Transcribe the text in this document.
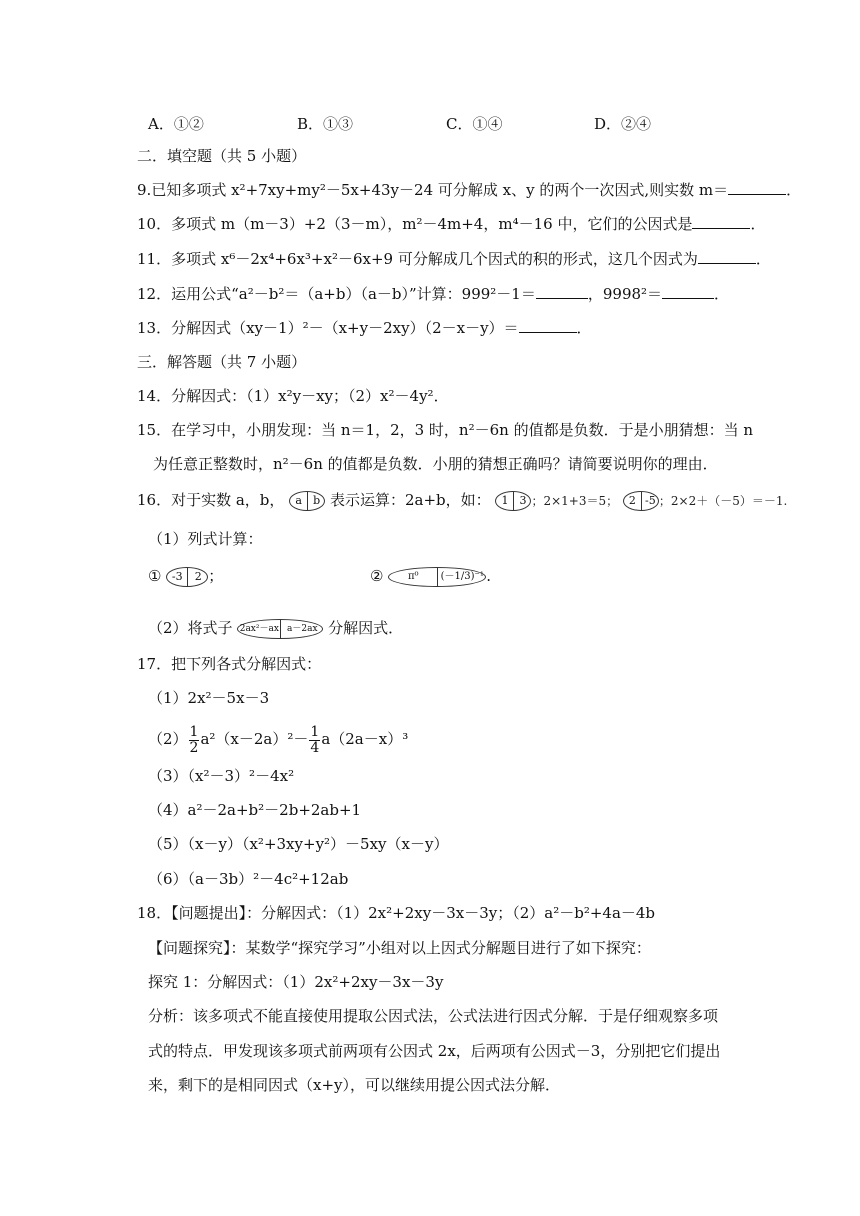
A．①②	B．①③	C．①④	D．②④
二．填空题（共 5 小题）
9.已知多项式 x²+7xy+my²－5x+43y－24 可分解成 x、y 的两个一次因式,则实数 m＝	．
10．多项式 m（m－3）+2（3－m），m²－4m+4，m⁴－16 中，它们的公因式是	．
11．多项式 x⁶－2x⁴+6x³+x²－6x+9 可分解成几个因式的积的形式，这几个因式为	．
12．运用公式“a²－b²＝（a+b）（a－b）”计算：999²－1＝	，9998²＝	．
13．分解因式（xy－1）²－（x+y－2xy）（2－x－y）＝	．
三．解答题（共 7 小题）
14．分解因式：（1）x²y－xy；（2）x²－4y²．
15．在学习中，小朋发现：当 n＝1，2，3 时，n²－6n 的值都是负数．于是小朋猜想：当 n
为任意正整数时，n²－6n 的值都是负数．小朋的猜想正确吗？请简要说明你的理由．
16．对于实数 a，b， a b 表示运算：2a+b，如： 1 3 ；2×1+3＝5； 2 -5 ；2×2＋（－5）＝－1.
（1）列式计算：
① -3 2 ；	② π⁰ (－1/3)⁻¹ .
（2）将式子 2ax²－ax a－2ax 分解因式．
17．把下列各式分解因式：
（1）2x²－5x－3
$(2) \frac{1}{2} a^2(x-2a)^2- \frac{1}{4} a(2a-x)^3$
（3）（x²－3）²－4x²
（4）a²－2a+b²－2b+2ab+1
（5）（x－y）（x²+3xy+y²）－5xy（x－y）
（6）（a－3b）²－4c²+12ab
18．【问题提出】：分解因式：（1）2x²+2xy－3x－3y；（2）a²－b²+4a－4b
【问题探究】：某数学“探究学习”小组对以上因式分解题目进行了如下探究：
探究 1：分解因式：（1）2x²+2xy－3x－3y
分析：该多项式不能直接使用提取公因式法，公式法进行因式分解．于是仔细观察多项
式的特点．甲发现该多项式前两项有公因式 2x，后两项有公因式－3，分别把它们提出
来，剩下的是相同因式（x+y），可以继续用提公因式法分解．
